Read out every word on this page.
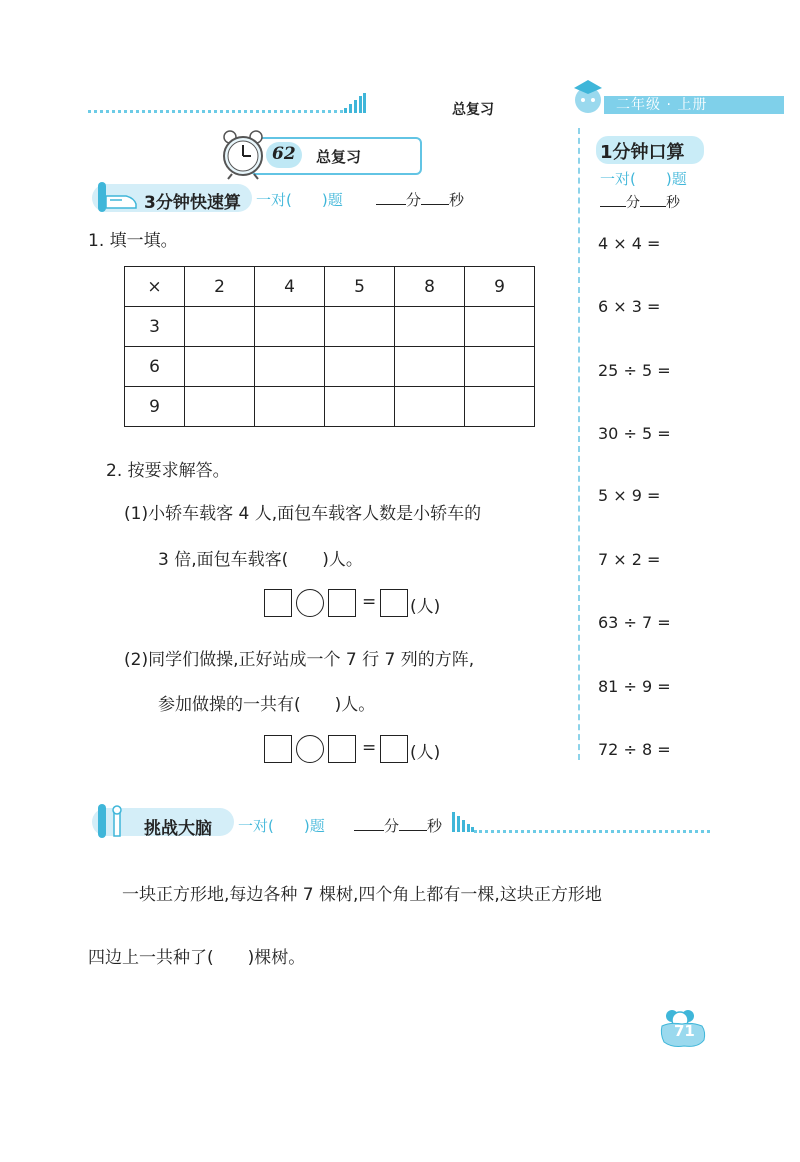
总复习	二年级 · 上册
62 总复习
3分钟快速算 一对(　　)题	分 秒
1. 填一填。
×	2	4	5	8	9
3					
6					
9					
2. 按要求解答。
(1)小轿车载客 4 人,面包车载客人数是小轿车的
3 倍,面包车载客(　　)人。
= (人)
(2)同学们做操,正好站成一个 7 行 7 列的方阵,
参加做操的一共有(　　)人。
= (人)
1分钟口算
一对(　　)题
分 秒
4 × 4 =
6 × 3 =
25 ÷ 5 =
30 ÷ 5 =
5 × 9 =
7 × 2 =
63 ÷ 7 =
81 ÷ 9 =
72 ÷ 8 =
挑战大脑 一对(　　)题	分 秒
一块正方形地,每边各种 7 棵树,四个角上都有一棵,这块正方形地
四边上一共种了(　　)棵树。
71
